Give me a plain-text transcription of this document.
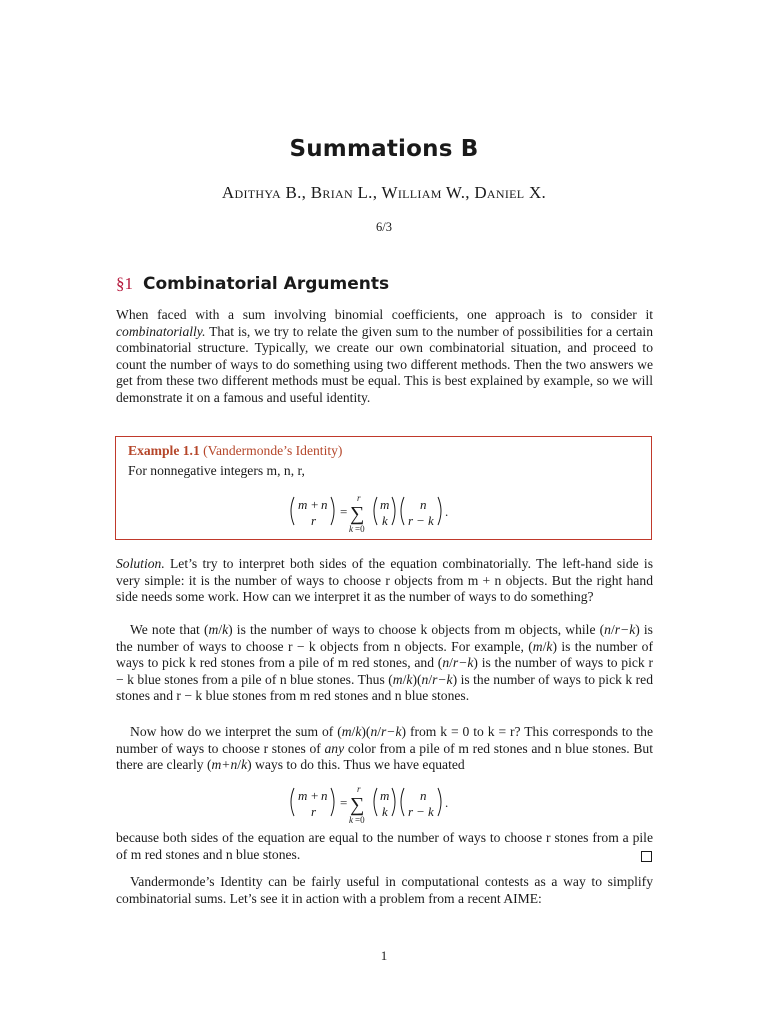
Summations B
Adithya B., Brian L., William W., Daniel X.
6/3
§1 Combinatorial Arguments
When faced with a sum involving binomial coefficients, one approach is to consider it combinatorially. That is, we try to relate the given sum to the number of possibilities for a certain combinatorial structure. Typically, we create our own combinatorial situation, and proceed to count the number of ways to do something using two different methods. Then the two answers we get from these two different methods must be equal. This is best explained by example, so we will demonstrate it on a famous and useful identity.
Example 1.1 (Vandermonde’s Identity)
For nonnegative integers m, n, r,
m + n
r
=
r
∑
k =0
m
k
n
r − k
.
Solution. Let’s try to interpret both sides of the equation combinatorially. The left-hand side is very simple: it is the number of ways to choose r objects from m + n objects. But the right hand side needs some work. How can we interpret it as the number of ways to do something?
We note that (m/k) is the number of ways to choose k objects from m objects, while (n/r−k) is the number of ways to choose r − k objects from n objects. For example, (m/k) is the number of ways to pick k red stones from a pile of m red stones, and (n/r−k) is the number of ways to pick r − k blue stones from a pile of n blue stones. Thus (m/k)(n/r−k) is the number of ways to pick k red stones and r − k blue stones from m red stones and n blue stones.
Now how do we interpret the sum of (m/k)(n/r−k) from k = 0 to k = r? This corresponds to the number of ways to choose r stones of any color from a pile of m red stones and n blue stones. But there are clearly (m+n/k) ways to do this. Thus we have equated
m + n
r
=
r
∑
k =0
m
k
n
r − k
.
because both sides of the equation are equal to the number of ways to choose r stones from a pile of m red stones and n blue stones.
Vandermonde’s Identity can be fairly useful in computational contests as a way to simplify combinatorial sums. Let’s see it in action with a problem from a recent AIME:
1
